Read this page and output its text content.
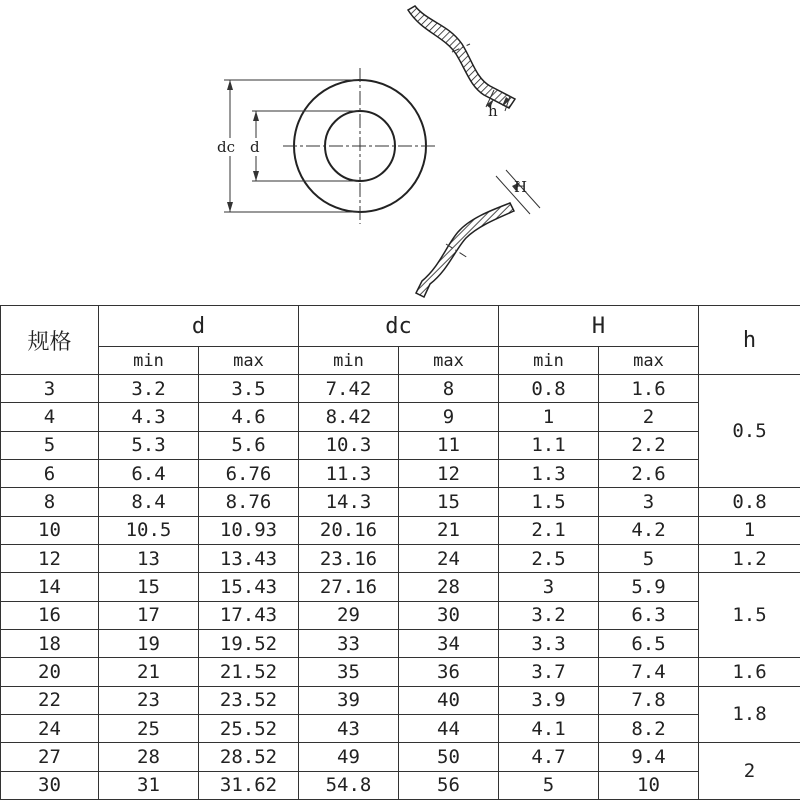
dc d
h
H
规格	d		dc		H		h
	min	max	min	max	min	max	
3	3.2	3.5	7.42	8	0.8	1.6	0.5
4	4.3	4.6	8.42	9	1	2	
5	5.3	5.6	10.3	11	1.1	2.2	
6	6.4	6.76	11.3	12	1.3	2.6	
8	8.4	8.76	14.3	15	1.5	3	0.8
10	10.5	10.93	20.16	21	2.1	4.2	1
12	13	13.43	23.16	24	2.5	5	1.2
14	15	15.43	27.16	28	3	5.9	1.5
16	17	17.43	29	30	3.2	6.3	
18	19	19.52	33	34	3.3	6.5	
20	21	21.52	35	36	3.7	7.4	1.6
22	23	23.52	39	40	3.9	7.8	1.8
24	25	25.52	43	44	4.1	8.2	
27	28	28.52	49	50	4.7	9.4	2
30	31	31.62	54.8	56	5	10	
